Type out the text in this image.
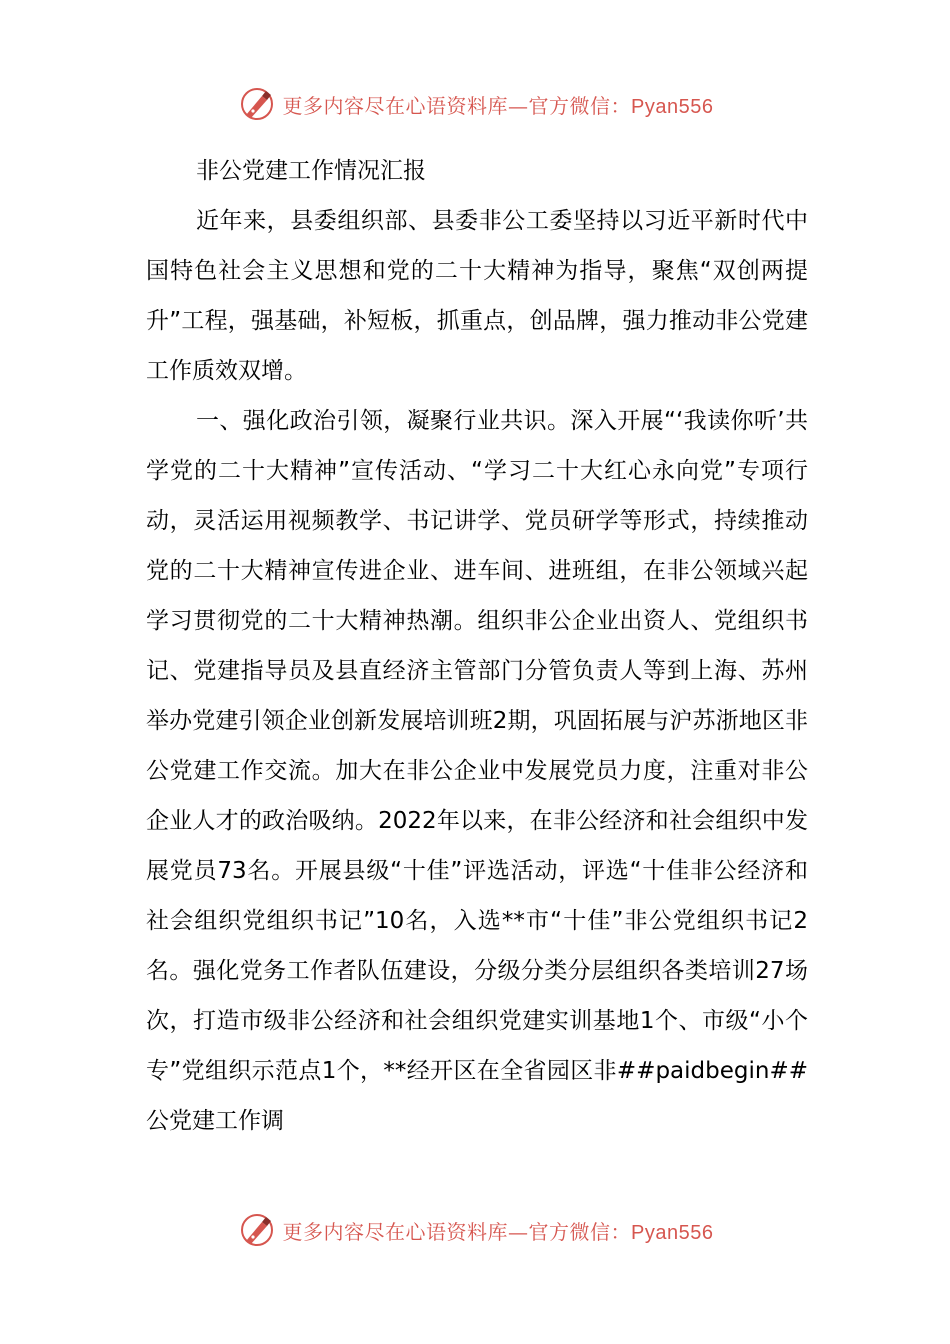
更多内容尽在心语资料库—官方微信：Pyan556

非公党建工作情况汇报

近年来，县委组织部、县委非公工委坚持以习近平新时代中国特色社会主义思想和党的二十大精神为指导，聚焦“双创两提升”工程，强基础，补短板，抓重点，创品牌，强力推动非公党建工作质效双增。

一、强化政治引领，凝聚行业共识。深入开展“‘我读你听’共学党的二十大精神”宣传活动、“学习二十大红心永向党”专项行动，灵活运用视频教学、书记讲学、党员研学等形式，持续推动党的二十大精神宣传进企业、进车间、进班组，在非公领域兴起学习贯彻党的二十大精神热潮。组织非公企业出资人、党组织书记、党建指导员及县直经济主管部门分管负责人等到上海、苏州举办党建引领企业创新发展培训班2期，巩固拓展与沪苏浙地区非公党建工作交流。加大在非公企业中发展党员力度，注重对非公企业人才的政治吸纳。2022年以来，在非公经济和社会组织中发展党员73名。开展县级“十佳”评选活动，评选“十佳非公经济和社会组织党组织书记”10名，入选**市“十佳”非公党组织书记2名。强化党务工作者队伍建设，分级分类分层组织各类培训27场次，打造市级非公经济和社会组织党建实训基地1个、市级“小个专”党组织示范点1个，**经开区在全省园区非##paidbegin##公党建工作调

更多内容尽在心语资料库—官方微信：Pyan556
